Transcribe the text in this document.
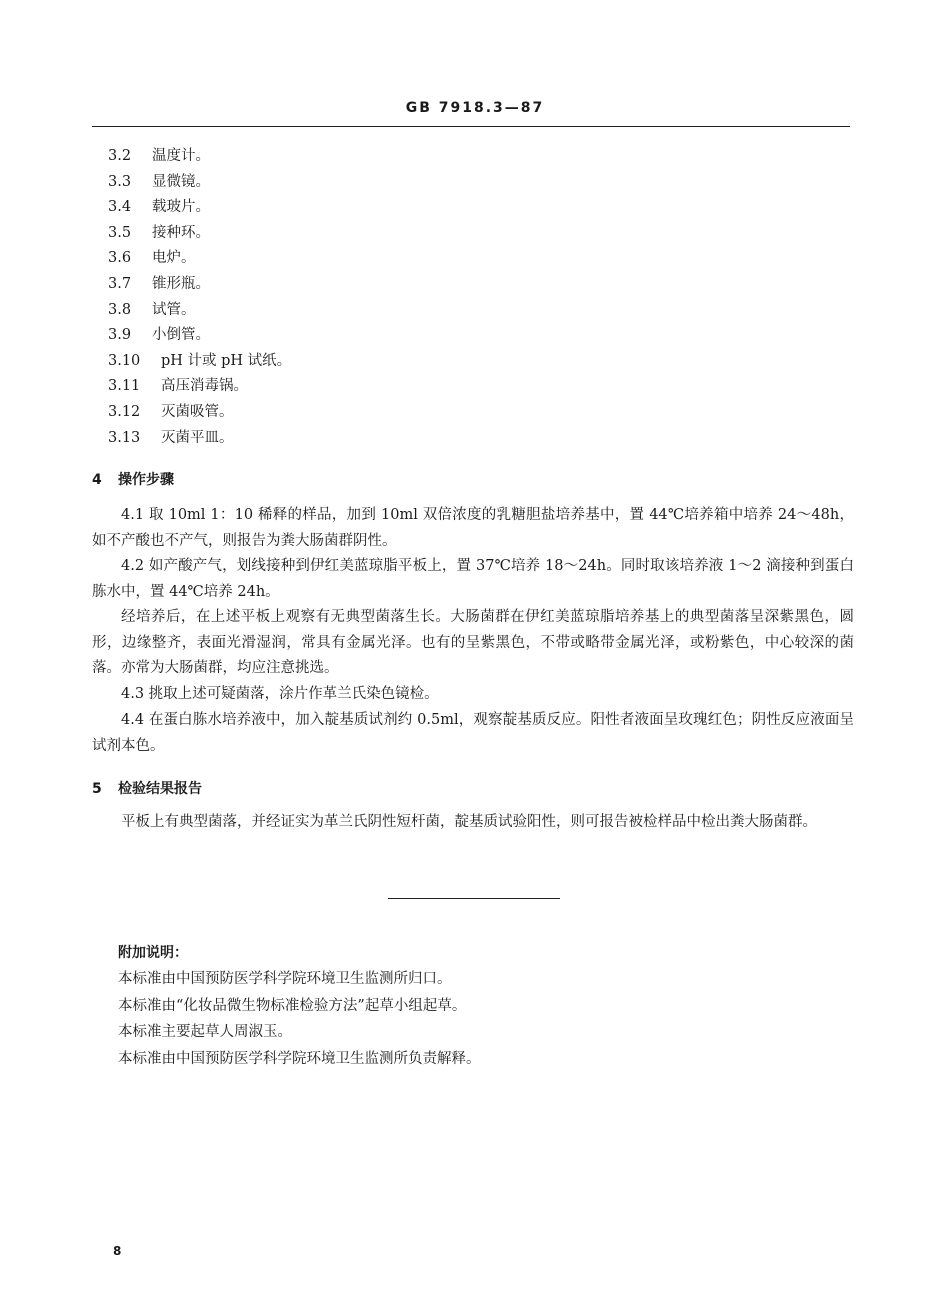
GB 7918.3—87
3.2 温度计。
3.3 显微镜。
3.4 载玻片。
3.5 接种环。
3.6 电炉。
3.7 锥形瓶。
3.8 试管。
3.9 小倒管。
3.10 pH 计或 pH 试纸。
3.11 高压消毒锅。
3.12 灭菌吸管。
3.13 灭菌平皿。
4 操作步骤

4.1 取 10ml 1：10 稀释的样品，加到 10ml 双倍浓度的乳糖胆盐培养基中，置 44℃培养箱中培养 24～48h，如不产酸也不产气，则报告为粪大肠菌群阴性。

4.2 如产酸产气，划线接种到伊红美蓝琼脂平板上，置 37℃培养 18～24h。同时取该培养液 1～2 滴接种到蛋白胨水中，置 44℃培养 24h。

经培养后，在上述平板上观察有无典型菌落生长。大肠菌群在伊红美蓝琼脂培养基上的典型菌落呈深紫黑色，圆形，边缘整齐，表面光滑湿润，常具有金属光泽。也有的呈紫黑色，不带或略带金属光泽，或粉紫色，中心较深的菌落。亦常为大肠菌群，均应注意挑选。

4.3 挑取上述可疑菌落，涂片作革兰氏染色镜检。

4.4 在蛋白胨水培养液中，加入靛基质试剂约 0.5ml，观察靛基质反应。阳性者液面呈玫瑰红色；阴性反应液面呈试剂本色。

5 检验结果报告

平板上有典型菌落，并经证实为革兰氏阴性短杆菌，靛基质试验阳性，则可报告被检样品中检出粪大肠菌群。

附加说明：
本标准由中国预防医学科学院环境卫生监测所归口。
本标准由“化妆品微生物标准检验方法”起草小组起草。
本标准主要起草人周淑玉。
本标准由中国预防医学科学院环境卫生监测所负责解释。
8
